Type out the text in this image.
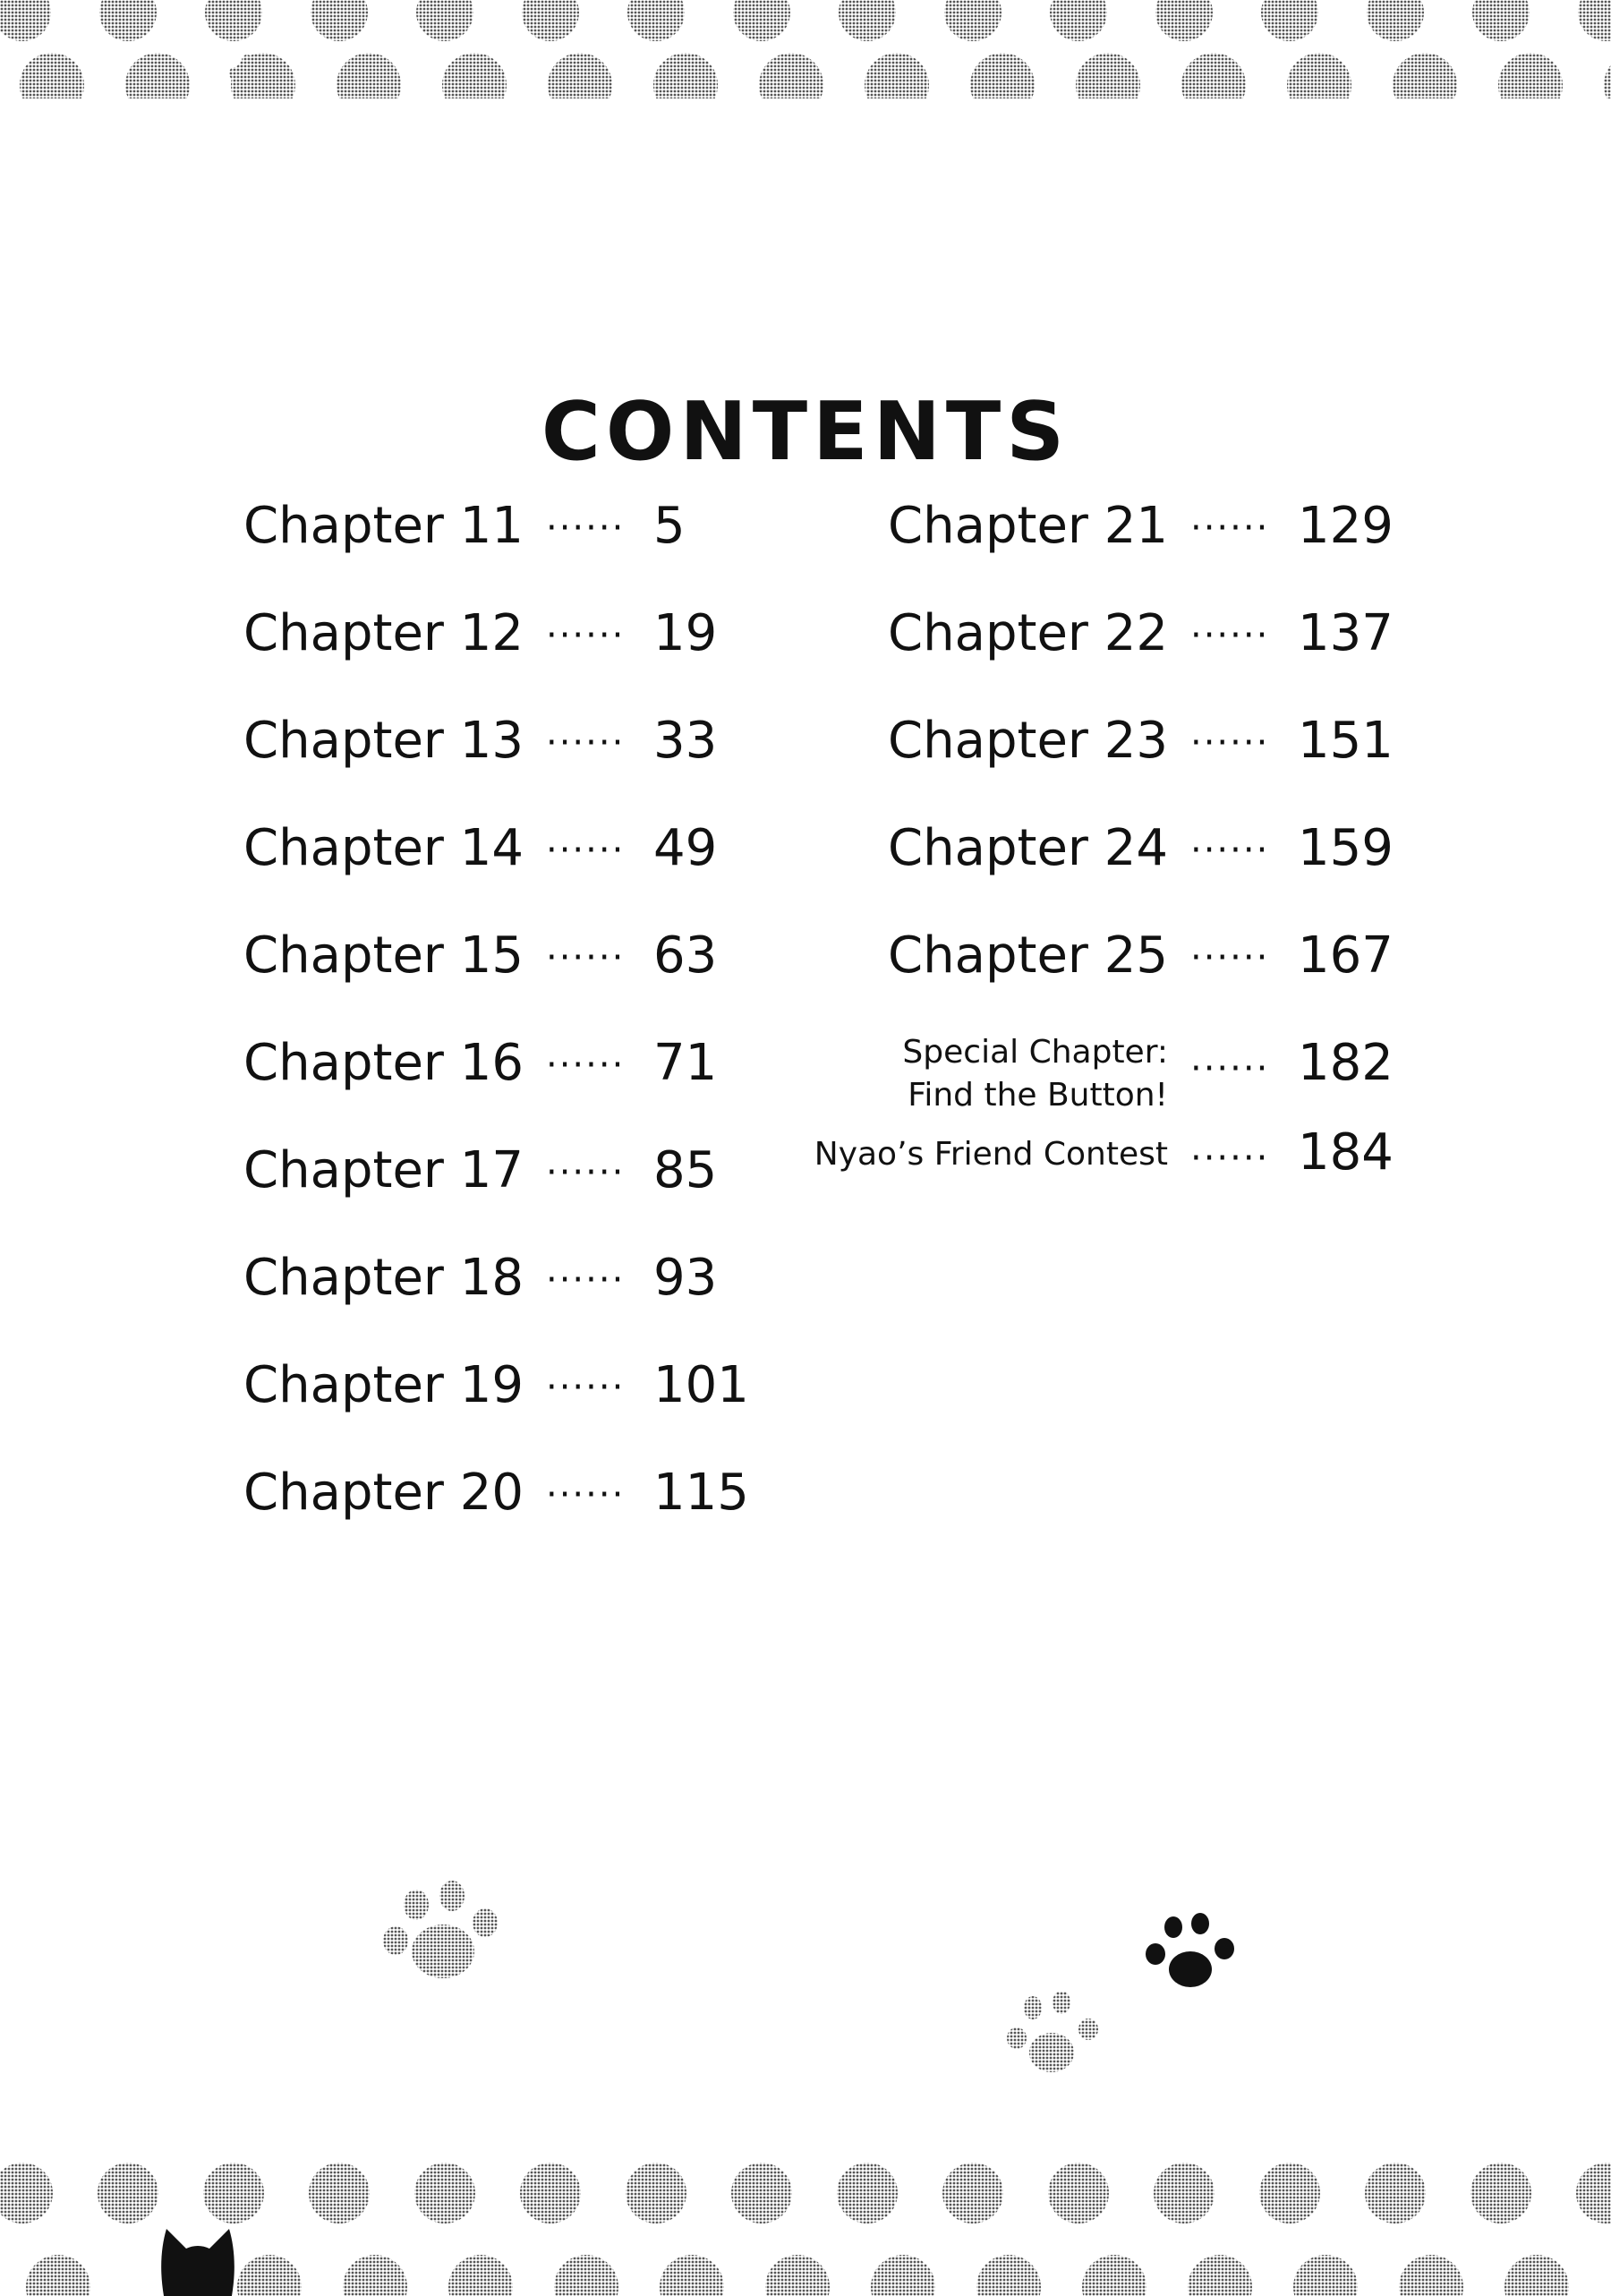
CONTENTS
Chapter 11 ······ 5
Chapter 12 ······ 19
Chapter 13 ······ 33
Chapter 14 ······ 49
Chapter 15 ······ 63
Chapter 16 ······ 71
Chapter 17 ······ 85
Chapter 18 ······ 93
Chapter 19 ······ 101
Chapter 20 ······ 115
Chapter 21 ······ 129
Chapter 22 ······ 137
Chapter 23 ······ 151
Chapter 24 ······ 159
Chapter 25 ······ 167
Special Chapter:
Find the Button!
······ 182
Nyao’s Friend Contest ······ 184
